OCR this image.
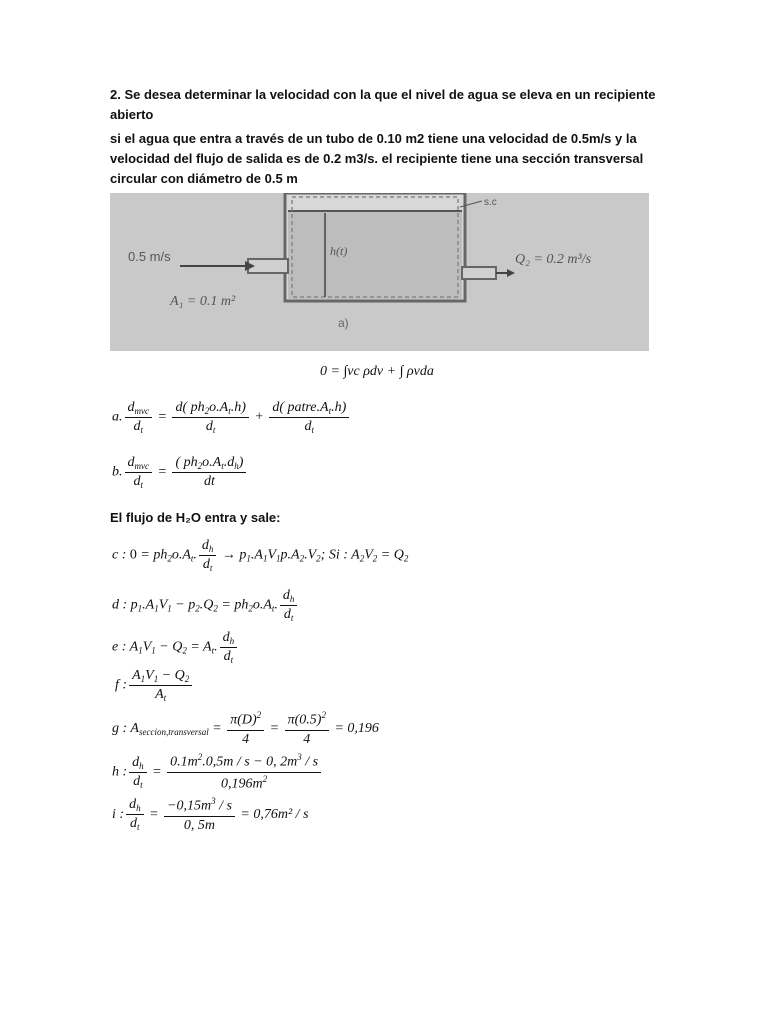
2. Se desea determinar la velocidad con la que el nivel de agua se eleva en un recipiente abierto
si el agua que entra a través de un tubo de 0.10 m2 tiene una velocidad de 0.5m/s y la velocidad del flujo de salida es de 0.2 m3/s. el recipiente tiene una sección transversal circular con diámetro de 0.5 m
0.5 m/s
A₁ = 0.1 m²
h(t)
Q₂ = 0.2 m³/s
s.c
a)
0 = ∫vc ρdv + ∫ ρvda
a. $\frac{d_{mvc}}{d_t} = \frac{d( ph_2o.A_t.h)}{d_t} + \frac{d( patre.A_t.h)}{d_t}$
b. $\frac{d_{mvc}}{d_t} = \frac{( ph_2o.A_t.d_h)}{dt}$
El flujo de H₂O entra y sale:
c : $0 = ph_2o.A_t$. $\frac{d_h}{d_t} \to p_1.A_1V_1p.A_2.V_2$; Si : $A_2V_2 = Q_2$
d : $p_1.A_1V_1 - p_2.Q_2 = ph_2o.A_t$. $\frac{d_h}{d_t}$
e : $A_1V_1 - Q_2 = A_t$. $\frac{d_h}{d_t}$
f : $\frac{A_1V_1 - Q_2}{A_t}$
g : $A_{seccion,transversal} = \frac{\pi(D)^2}{4} = \frac{\pi(0.5)^2}{4} = 0,196$
h : $\frac{d_h}{d_t} = \frac{0.1m^2.0,5m / s - 0, 2m^3 / s}{0,196m^2}$
i : $\frac{d_h}{d_t} = \frac{-0,15m^3 / s}{0, 5m} = 0,76m^2 / s$
